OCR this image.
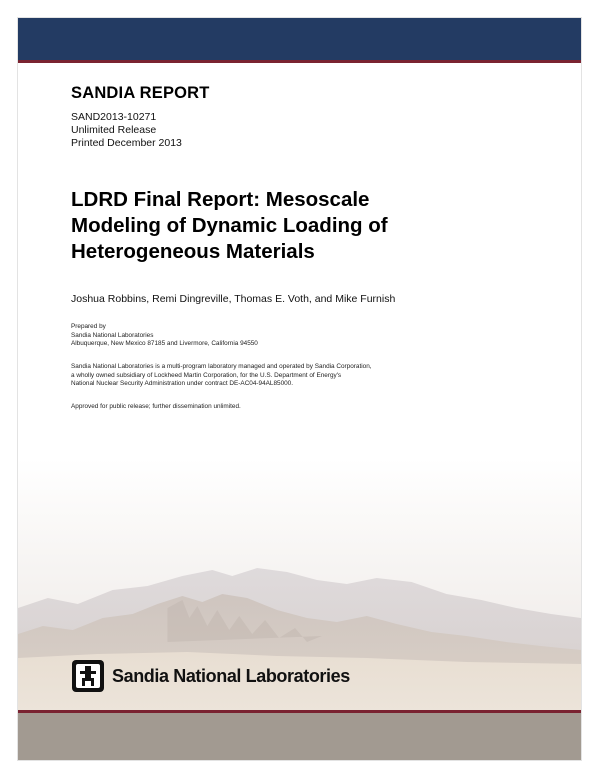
SANDIA REPORT
SAND2013-10271
Unlimited Release
Printed December 2013
LDRD Final Report: Mesoscale
Modeling of Dynamic Loading of
Heterogeneous Materials
Joshua Robbins, Remi Dingreville, Thomas E. Voth, and Mike Furnish
Prepared by
Sandia National Laboratories
Albuquerque, New Mexico 87185 and Livermore, California 94550
Sandia National Laboratories is a multi-program laboratory managed and operated by Sandia Corporation,
a wholly owned subsidiary of Lockheed Martin Corporation, for the U.S. Department of Energy's
National Nuclear Security Administration under contract DE-AC04-94AL85000.
Approved for public release; further dissemination unlimited.
Sandia National Laboratories
